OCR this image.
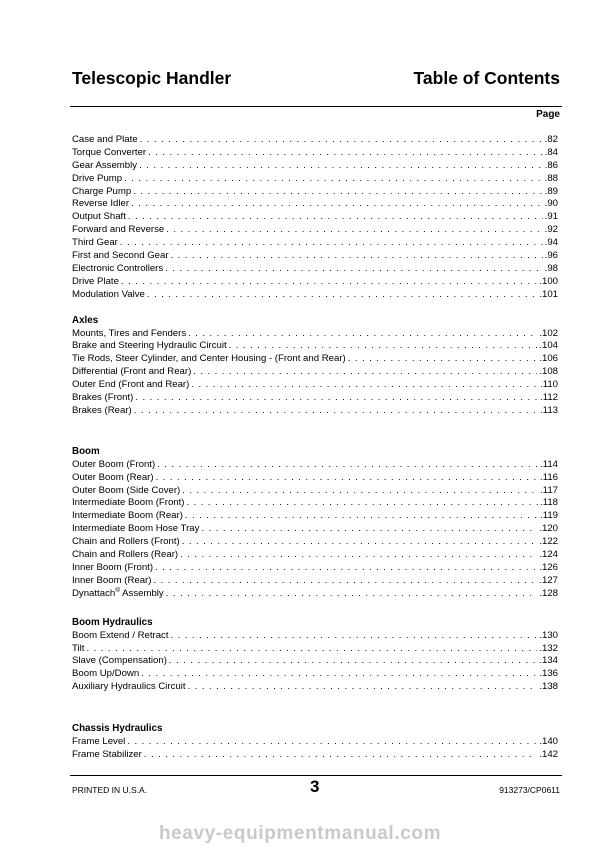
Telescopic Handler	Table of Contents
Page
Case and Plate . . .	.82
Torque Converter . . .	.84
Gear Assembly . . .	.86
Drive Pump . . .	.88
Charge Pump . . .	.89
Reverse Idler . . .	.90
Output Shaft . . .	.91
Forward and Reverse . . .	.92
Third Gear . . .	.94
First and Second Gear . . .	.96
Electronic Controllers . . .	.98
Drive Plate . . .	.100
Modulation Valve . . .	.101
Axles
Mounts, Tires and Fenders . . .	.102
Brake and Steering Hydraulic Circuit . . .	.104
Tie Rods, Steer Cylinder, and Center Housing - (Front and Rear) . . .	.106
Differential (Front and Rear) . . .	.108
Outer End (Front and Rear) . . .	.110
Brakes (Front) . . .	.112
Brakes (Rear) . . .	.113
Boom
Outer Boom (Front) . . .	.114
Outer Boom (Rear) . . .	.116
Outer Boom (Side Cover) . . .	.117
Intermediate Boom (Front) . . .	.118
Intermediate Boom (Rear) . . .	.119
Intermediate Boom Hose Tray . . .	.120
Chain and Rollers (Front) . . .	.122
Chain and Rollers (Rear) . . .	.124
Inner Boom (Front) . . .	.126
Inner Boom (Rear) . . .	.127
Dynattach® Assembly . . .	.128
Boom Hydraulics
Boom Extend / Retract . . .	.130
Tilt . . .	.132
Slave (Compensation) . . .	.134
Boom Up/Down . . .	.136
Auxiliary Hydraulics Circuit . . .	.138
Chassis Hydraulics
Frame Level . . .	.140
Frame Stabilizer . . .	.142
PRINTED IN U.S.A.	3	913273/CP0611
heavy-equipmentmanual.com
